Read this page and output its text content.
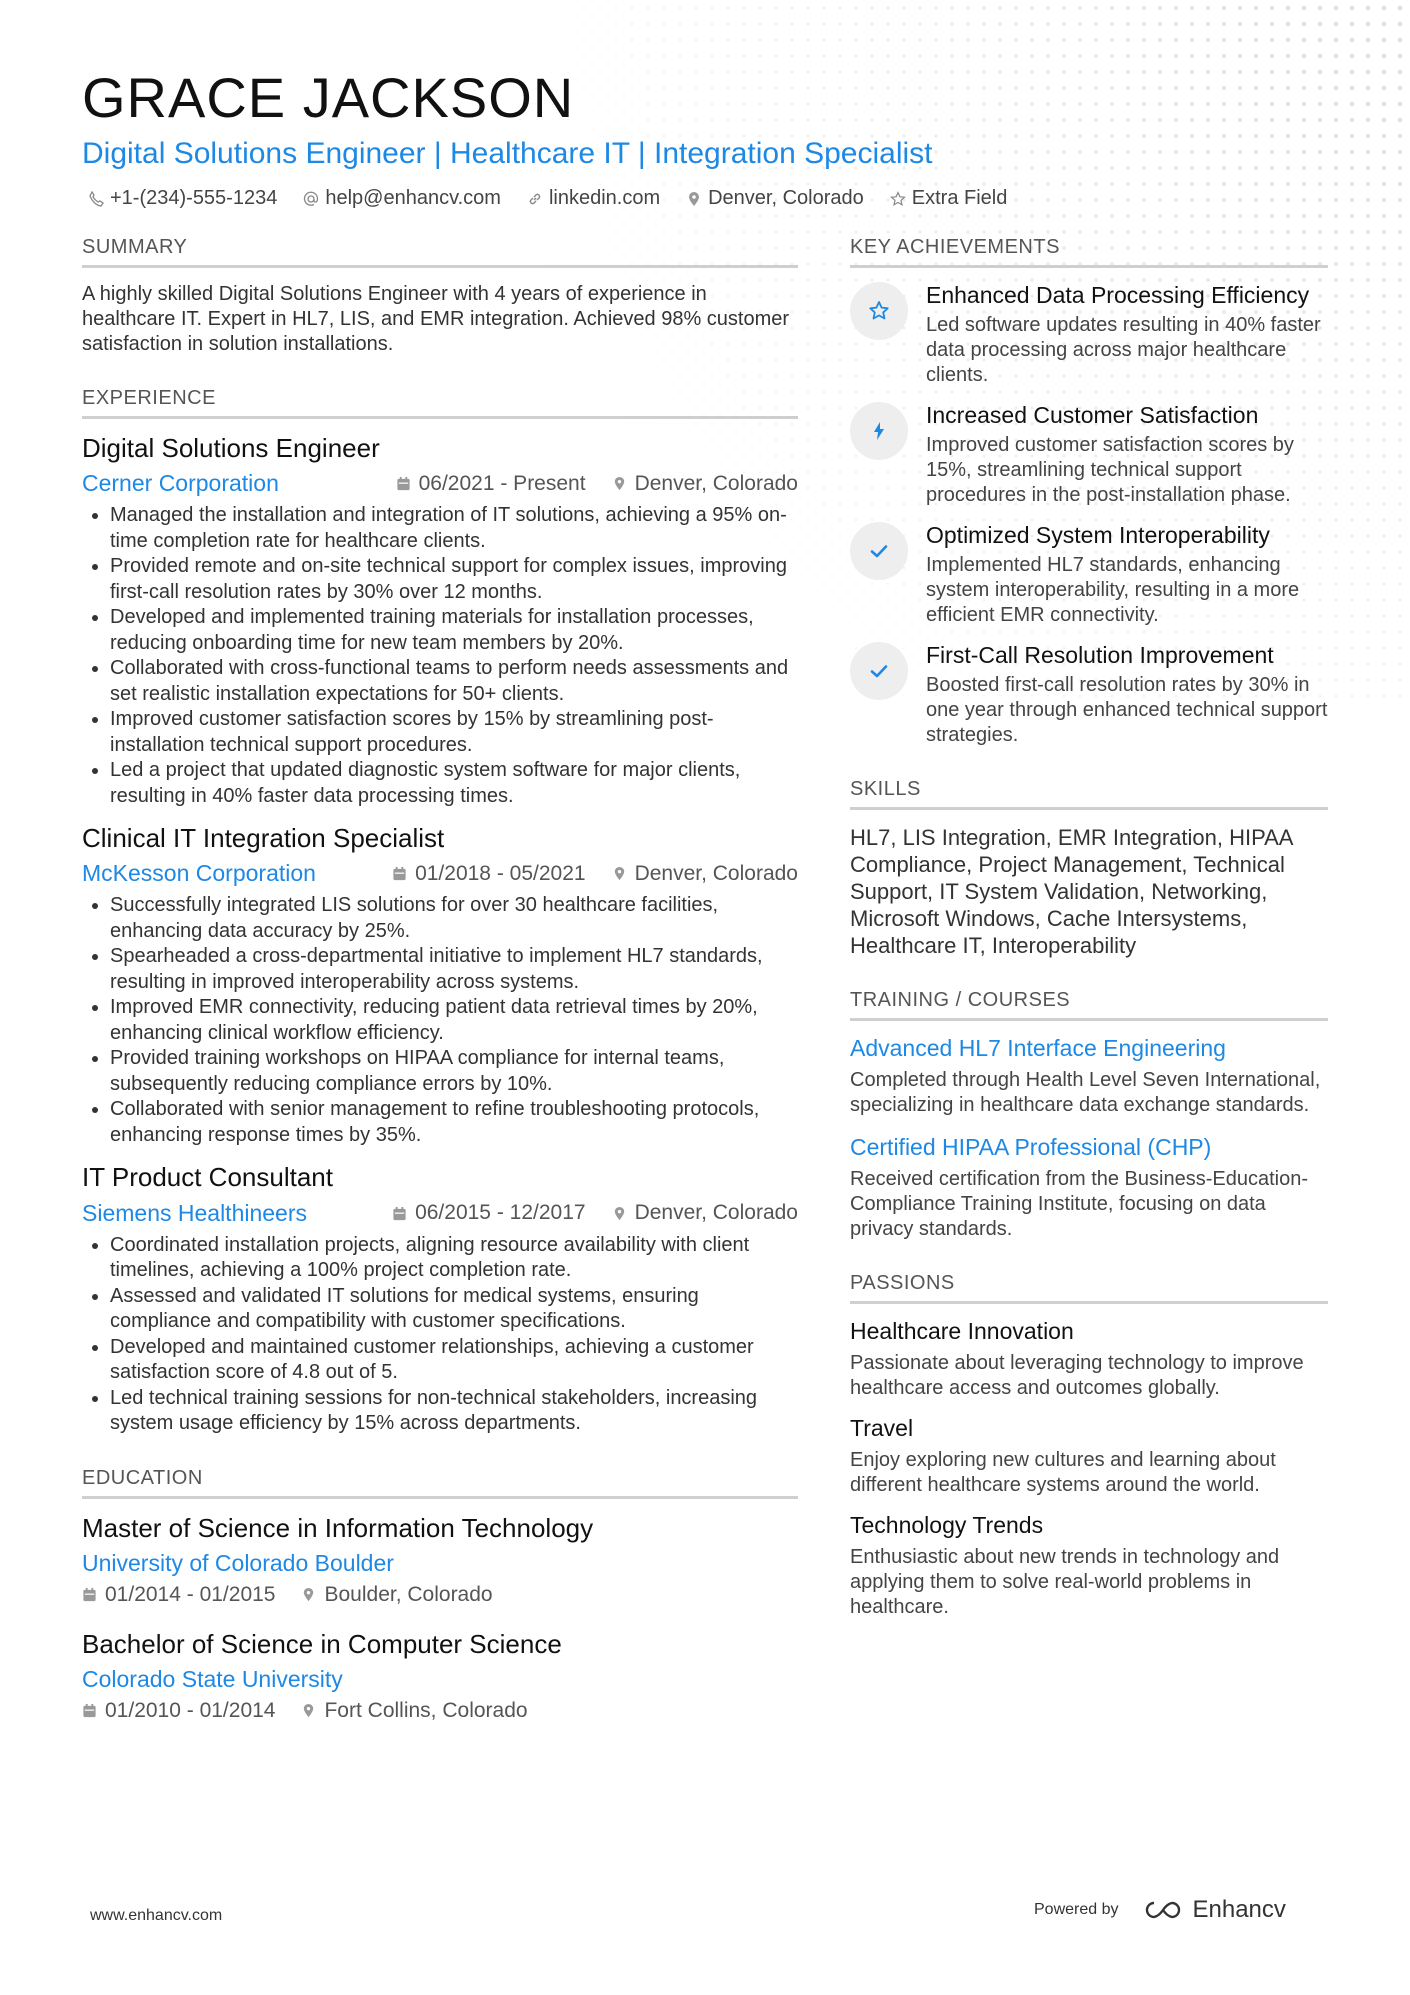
GRACE JACKSON
Digital Solutions Engineer | Healthcare IT | Integration Specialist
+1-(234)-555-1234 help@enhancv.com linkedin.com Denver, Colorado Extra Field
SUMMARY

A highly skilled Digital Solutions Engineer with 4 years of experience in healthcare IT. Expert in HL7, LIS, and EMR integration. Achieved 98% customer satisfaction in solution installations.

EXPERIENCE
Digital Solutions Engineer
Cerner Corporation	06/2021 - Present Denver, Colorado
• Managed the installation and integration of IT solutions, achieving a 95% on-time completion rate for healthcare clients.
• Provided remote and on-site technical support for complex issues, improving first-call resolution rates by 30% over 12 months.
• Developed and implemented training materials for installation processes, reducing onboarding time for new team members by 20%.
• Collaborated with cross-functional teams to perform needs assessments and set realistic installation expectations for 50+ clients.
• Improved customer satisfaction scores by 15% by streamlining post-installation technical support procedures.
• Led a project that updated diagnostic system software for major clients, resulting in 40% faster data processing times.
Clinical IT Integration Specialist
McKesson Corporation	01/2018 - 05/2021 Denver, Colorado
• Successfully integrated LIS solutions for over 30 healthcare facilities, enhancing data accuracy by 25%.
• Spearheaded a cross-departmental initiative to implement HL7 standards, resulting in improved interoperability across systems.
• Improved EMR connectivity, reducing patient data retrieval times by 20%, enhancing clinical workflow efficiency.
• Provided training workshops on HIPAA compliance for internal teams, subsequently reducing compliance errors by 10%.
• Collaborated with senior management to refine troubleshooting protocols, enhancing response times by 35%.
IT Product Consultant
Siemens Healthineers	06/2015 - 12/2017 Denver, Colorado
• Coordinated installation projects, aligning resource availability with client timelines, achieving a 100% project completion rate.
• Assessed and validated IT solutions for medical systems, ensuring compliance and compatibility with customer specifications.
• Developed and maintained customer relationships, achieving a customer satisfaction score of 4.8 out of 5.
• Led technical training sessions for non-technical stakeholders, increasing system usage efficiency by 15% across departments.
EDUCATION
Master of Science in Information Technology
University of Colorado Boulder
01/2014 - 01/2015 Boulder, Colorado
Bachelor of Science in Computer Science
Colorado State University
01/2010 - 01/2014 Fort Collins, Colorado
KEY ACHIEVEMENTS
Enhanced Data Processing Efficiency
Led software updates resulting in 40% faster data processing across major healthcare clients.
Increased Customer Satisfaction
Improved customer satisfaction scores by 15%, streamlining technical support procedures in the post-installation phase.
Optimized System Interoperability
Implemented HL7 standards, enhancing system interoperability, resulting in a more efficient EMR connectivity.
First-Call Resolution Improvement
Boosted first-call resolution rates by 30% in one year through enhanced technical support strategies.
SKILLS
HL7, LIS Integration, EMR Integration, HIPAA Compliance, Project Management, Technical Support, IT System Validation, Networking, Microsoft Windows, Cache Intersystems, Healthcare IT, Interoperability
TRAINING / COURSES
Advanced HL7 Interface Engineering
Completed through Health Level Seven International, specializing in healthcare data exchange standards.
Certified HIPAA Professional (CHP)
Received certification from the Business-Education-Compliance Training Institute, focusing on data privacy standards.
PASSIONS
Healthcare Innovation
Passionate about leveraging technology to improve healthcare access and outcomes globally.
Travel
Enjoy exploring new cultures and learning about different healthcare systems around the world.
Technology Trends
Enthusiastic about new trends in technology and applying them to solve real-world problems in healthcare.
www.enhancv.com	Powered by	Enhancv
